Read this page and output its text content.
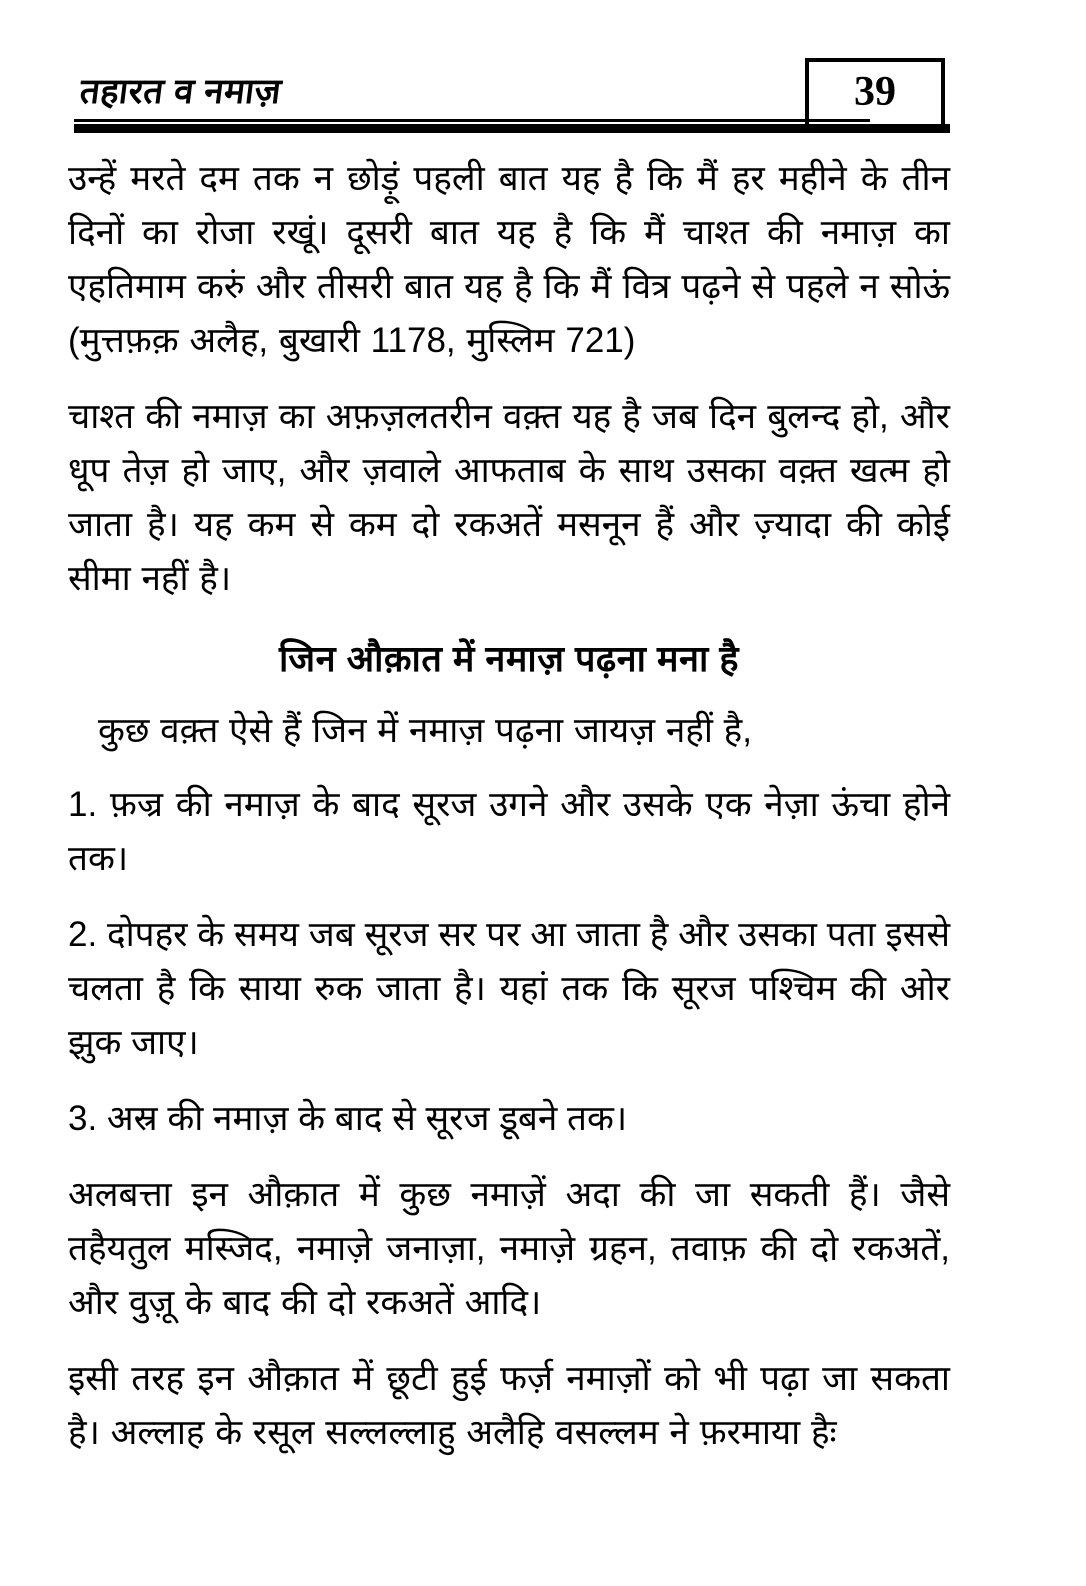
तहारत व नमाज़	39

उन्हें मरते दम तक न छोड़ूं पहली बात यह है कि मैं हर महीने के तीन दिनों का रोजा रखूं। दूसरी बात यह है कि मैं चाश्त की नमाज़ का एहतिमाम करुं और तीसरी बात यह है कि मैं वित्र पढ़ने से पहले न सोऊं (मुत्तफ़क़ अलैह, बुखारी 1178, मुस्लिम 721)

चाश्त की नमाज़ का अफ़ज़लतरीन वक़्त यह है जब दिन बुलन्द हो, और धूप तेज़ हो जाए, और ज़वाले आफताब के साथ उसका वक़्त खत्म हो जाता है। यह कम से कम दो रकअतें मसनून हैं और ज़्यादा की कोई सीमा नहीं है।

जिन औक़ात में नमाज़ पढ़ना मना है

कुछ वक़्त ऐसे हैं जिन में नमाज़ पढ़ना जायज़ नहीं है,

1. फ़ज्र की नमाज़ के बाद सूरज उगने और उसके एक नेज़ा ऊंचा होने तक।

2. दोपहर के समय जब सूरज सर पर आ जाता है और उसका पता इससे चलता है कि साया रुक जाता है। यहां तक कि सूरज पश्चिम की ओर झुक जाए।

3. अस्र की नमाज़ के बाद से सूरज डूबने तक।

अलबत्ता इन औक़ात में कुछ नमाज़ें अदा की जा सकती हैं। जैसे तहैयतुल मस्जिद, नमाज़े जनाज़ा, नमाज़े ग्रहन, तवाफ़ की दो रकअतें, और वुज़ू के बाद की दो रकअतें आदि।

इसी तरह इन औक़ात में छूटी हुई फर्ज़ नमाज़ों को भी पढ़ा जा सकता है। अल्लाह के रसूल सल्लल्लाहु अलैहि वसल्लम ने फ़रमाया हैः
